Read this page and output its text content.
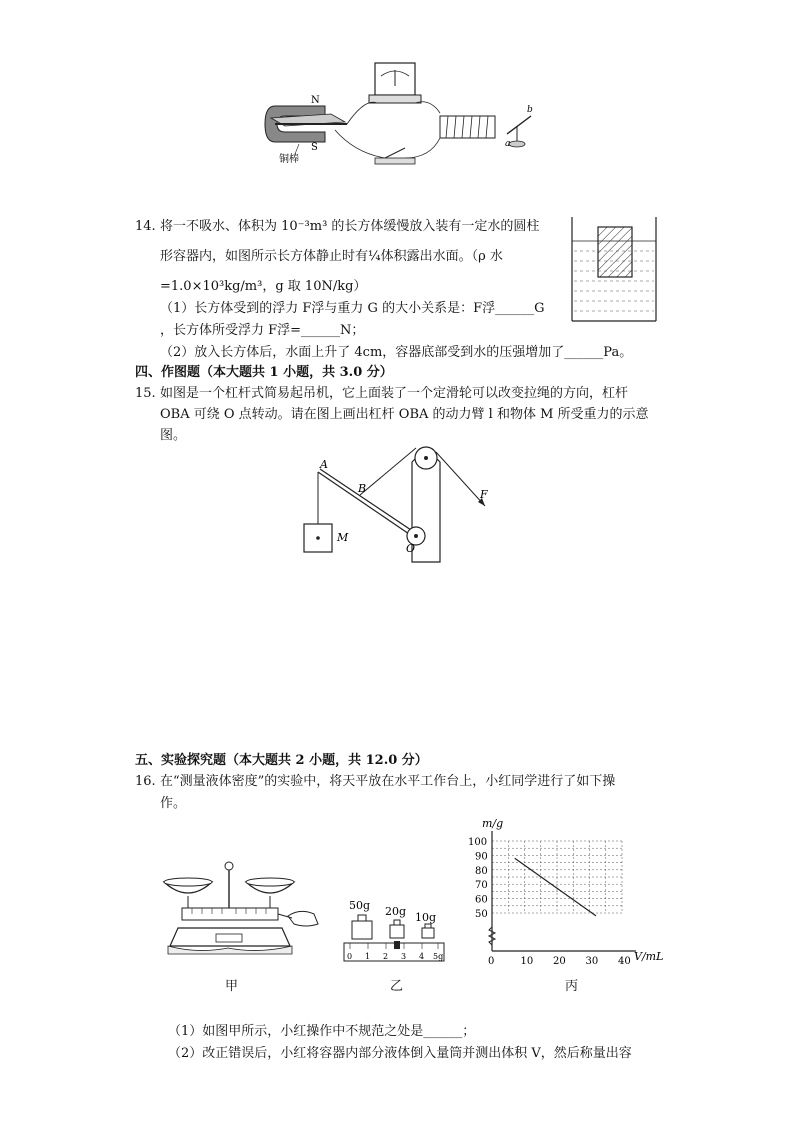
N
S
铜棒
b
a
14. 将一不吸水、体积为 10⁻³m³ 的长方体缓慢放入装有一定水的圆柱
形容器内，如图所示长方体静止时有¼体积露出水面。（ρ 水
=1.0×10³kg/m³，g 取 10N/kg）
（1）长方体受到的浮力 F浮与重力 G 的大小关系是：F浮______G
，长方体所受浮力 F浮=______N；
（2）放入长方体后，水面上升了 4cm，容器底部受到水的压强增加了______Pa。
四、作图题（本大题共 1 小题，共 3.0 分）
15. 如图是一个杠杆式简易起吊机，它上面装了一个定滑轮可以改变拉绳的方向，杠杆
OBA 可绕 O 点转动。请在图上画出杠杆 OBA 的动力臂 l 和物体 M 所受重力的示意
图。
A
B	F
M
O
五、实验探究题（本大题共 2 小题，共 12.0 分）
16. 在“测量液体密度”的实验中，将天平放在水平工作台上，小红同学进行了如下操
作。
甲
50g 20g 10g
0 1 2 3 4 5g
乙
0	10 20 30 40
50
60
70
80
90
100
m/g
V/mL
丙
（1）如图甲所示，小红操作中不规范之处是______；
（2）改正错误后，小红将容器内部分液体倒入量筒并测出体积 V，然后称量出容
